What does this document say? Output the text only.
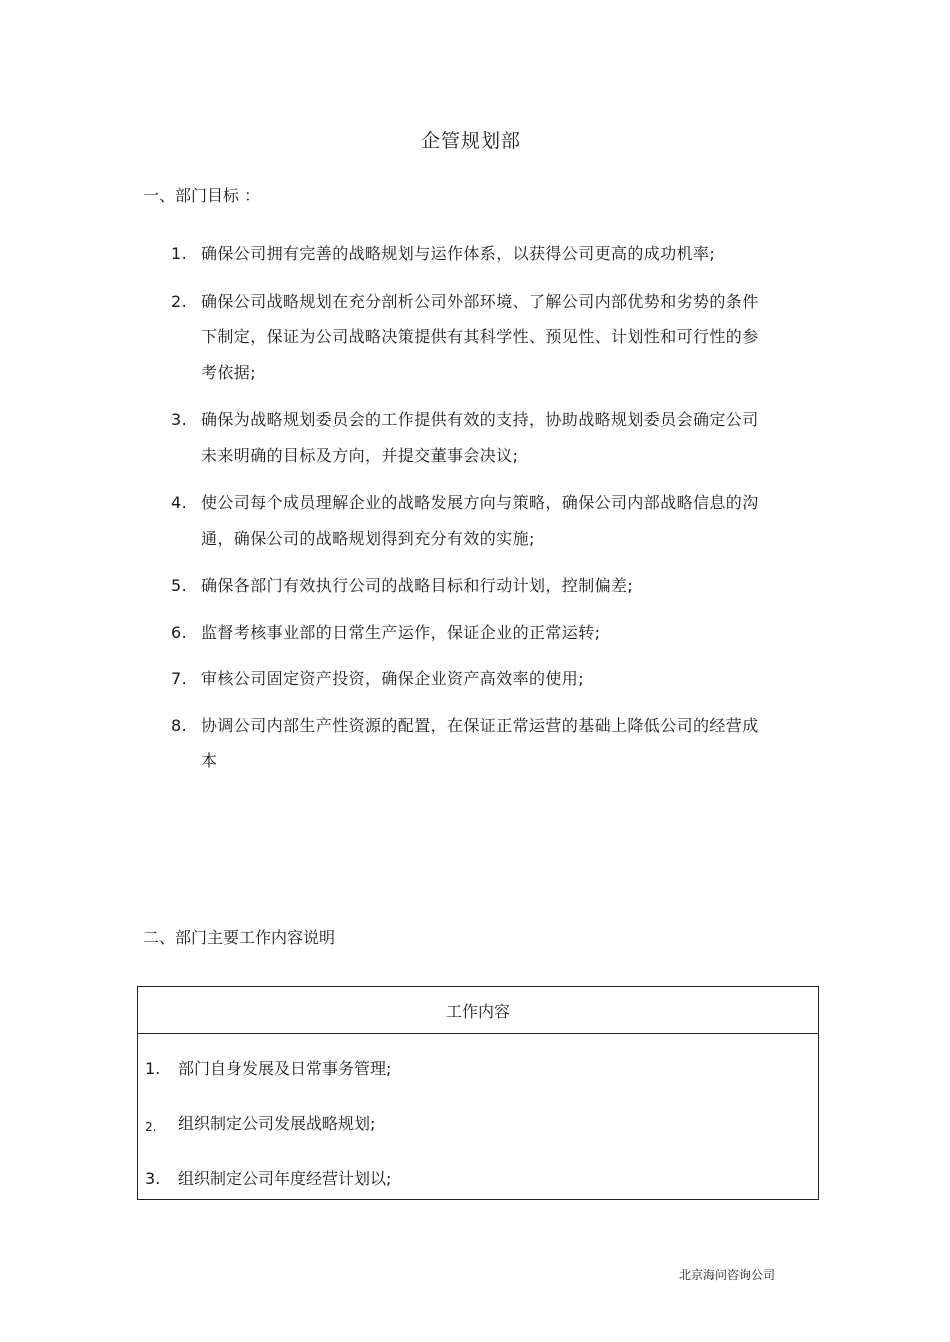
企管规划部
一、部门目标 ：
1. 确保公司拥有完善的战略规划与运作体系，以获得公司更高的成功机率;
2. 确保公司战略规划在充分剖析公司外部环境、了解公司内部优势和劣势的条件下制定，保证为公司战略决策提供有其科学性、预见性、计划性和可行性的参考依据;
3. 确保为战略规划委员会的工作提供有效的支持，协助战略规划委员会确定公司未来明确的目标及方向，并提交董事会决议;
4. 使公司每个成员理解企业的战略发展方向与策略，确保公司内部战略信息的沟通，确保公司的战略规划得到充分有效的实施;
5. 确保各部门有效执行公司的战略目标和行动计划，控制偏差;
6. 监督考核事业部的日常生产运作，保证企业的正常运转;
7. 审核公司固定资产投资，确保企业资产高效率的使用;
8. 协调公司内部生产性资源的配置，在保证正常运营的基础上降低公司的经营成本
二、部门主要工作内容说明
工作内容
1. 部门自身发展及日常事务管理;
2. 组织制定公司发展战略规划;
3. 组织制定公司年度经营计划以;
北京海问咨询公司
